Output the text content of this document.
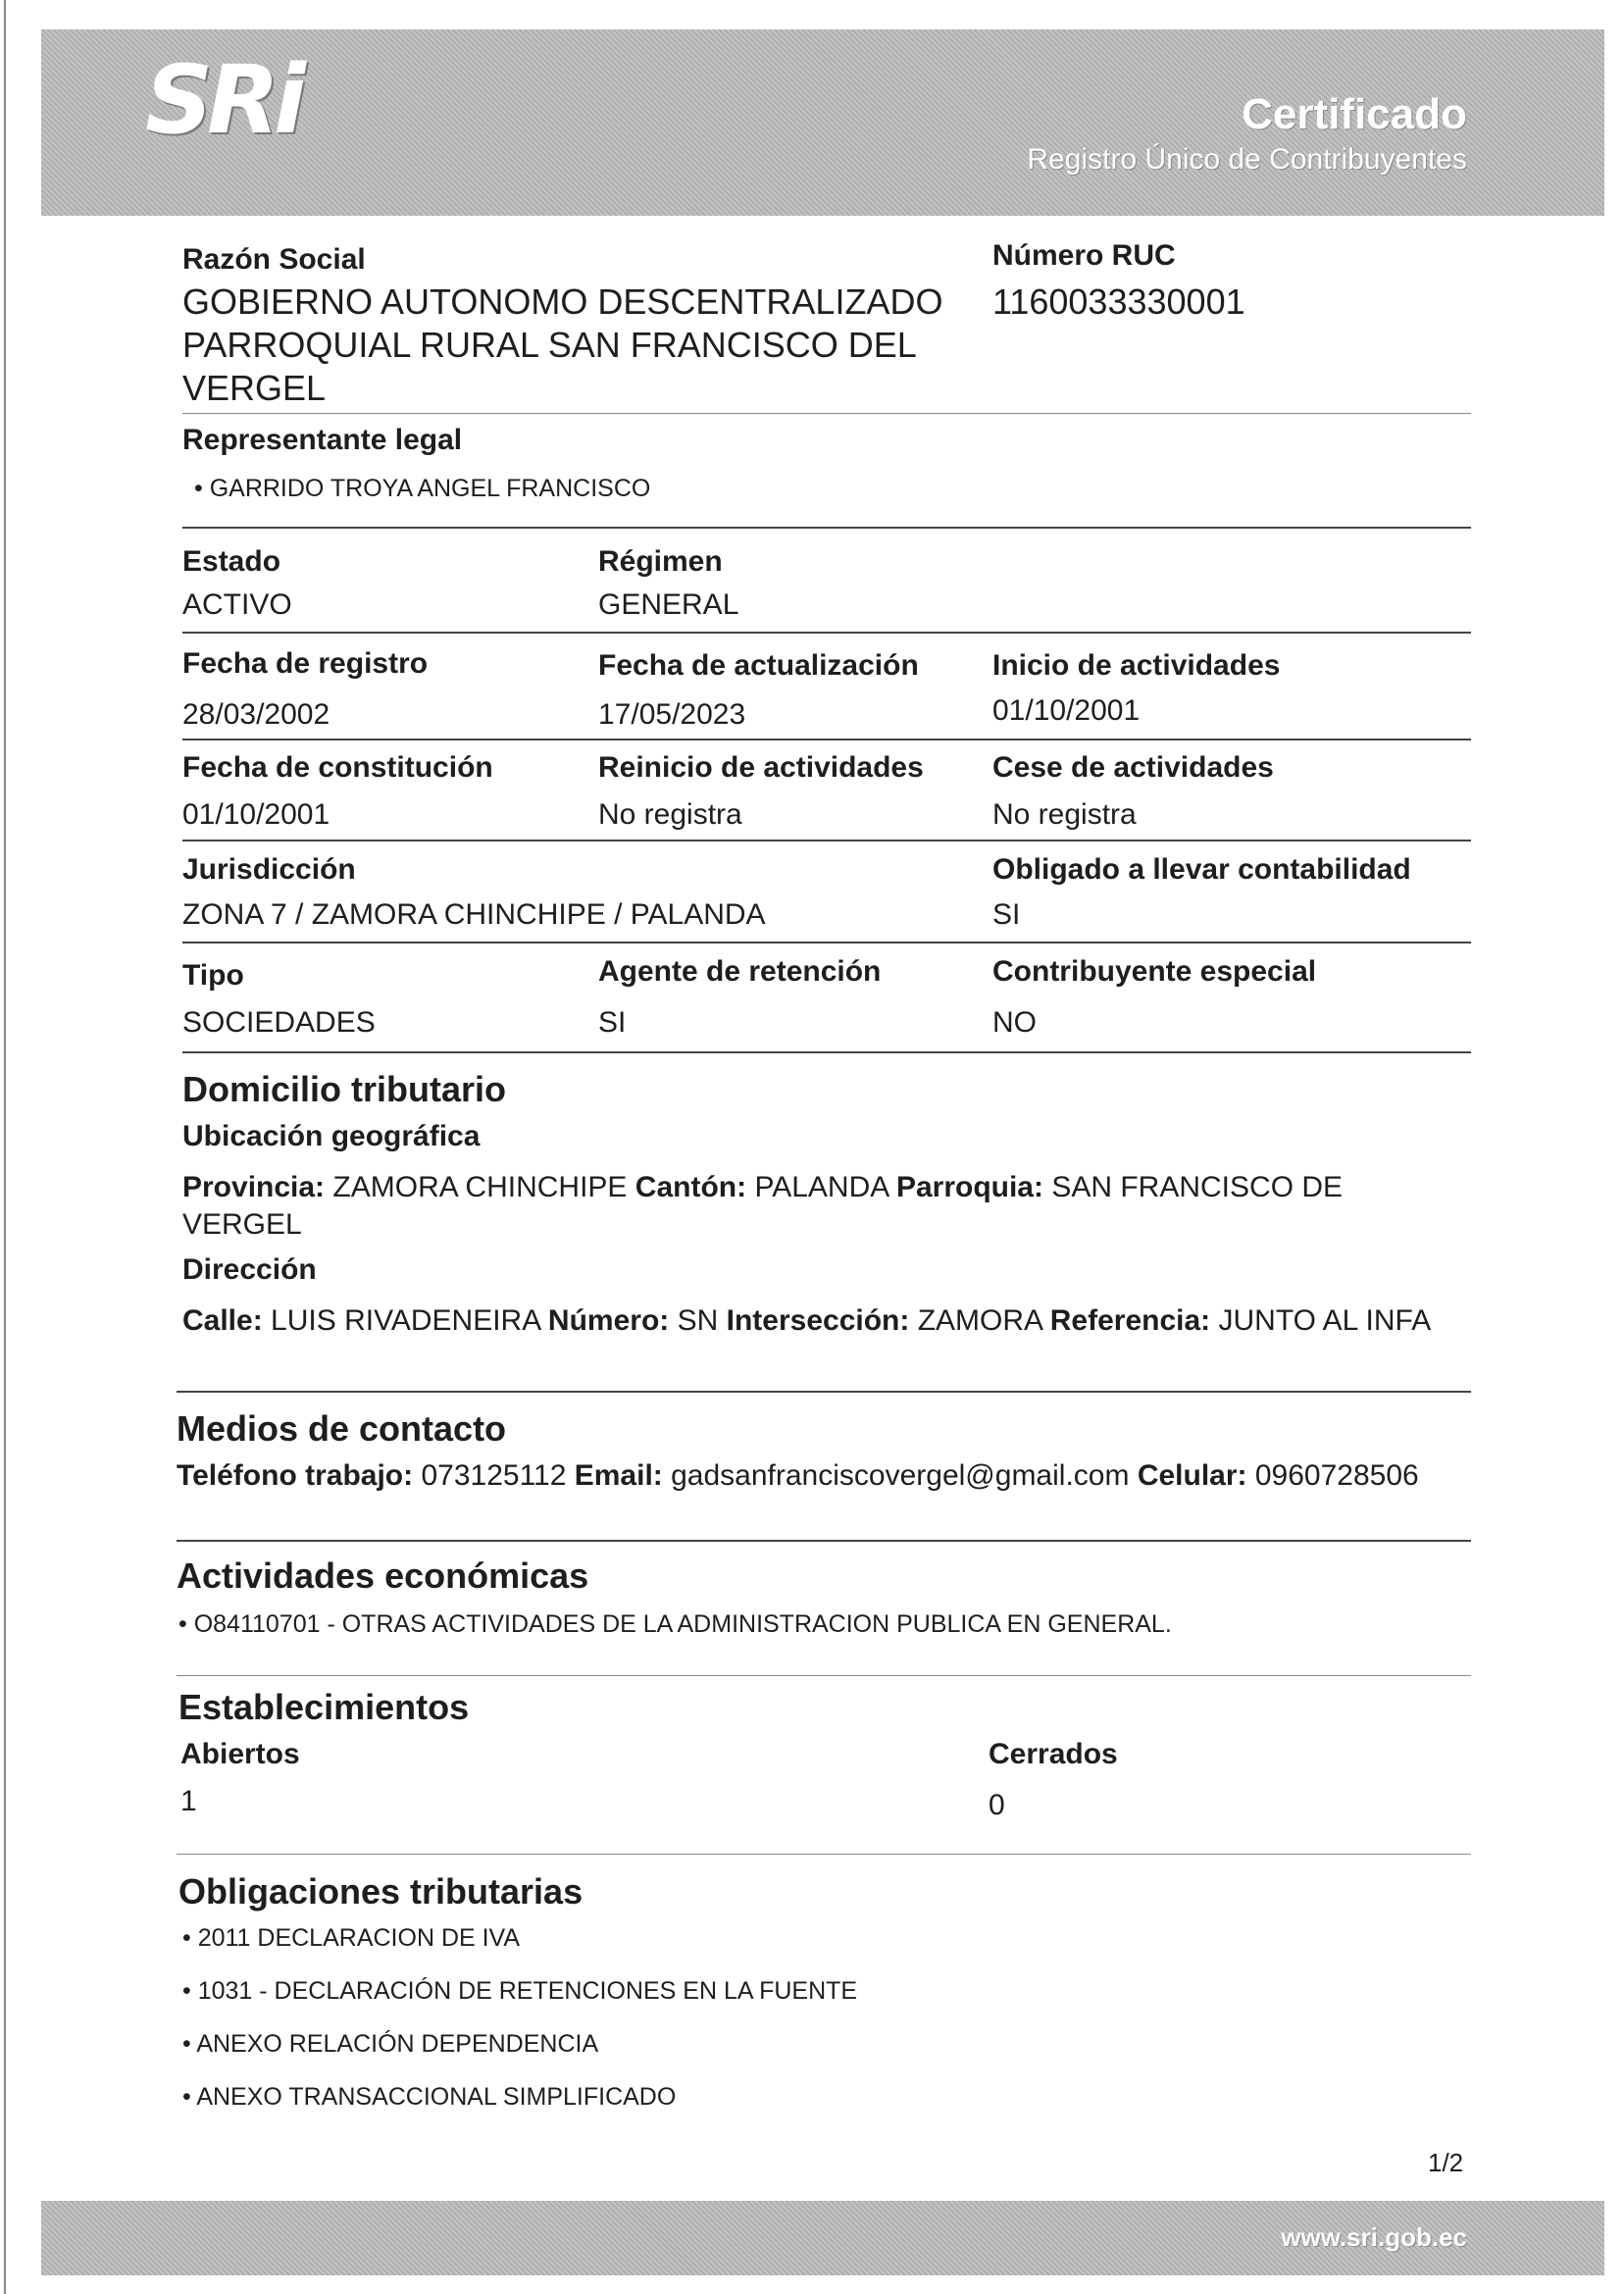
SRi	Certificado
Registro Único de Contribuyentes
Razón Social
GOBIERNO AUTONOMO DESCENTRALIZADO
PARROQUIAL RURAL SAN FRANCISCO DEL
VERGEL
Número RUC
1160033330001
Representante legal
• GARRIDO TROYA ANGEL FRANCISCO
Estado
ACTIVO
Régimen
GENERAL
Fecha de registro
28/03/2002
Fecha de actualización
17/05/2023
Inicio de actividades
01/10/2001
Fecha de constitución
01/10/2001
Reinicio de actividades
No registra
Cese de actividades
No registra
Jurisdicción
ZONA 7 / ZAMORA CHINCHIPE / PALANDA
Obligado a llevar contabilidad
SI
Tipo
SOCIEDADES
Agente de retención
SI
Contribuyente especial
NO
Domicilio tributario
Ubicación geográfica
Provincia: ZAMORA CHINCHIPE Cantón: PALANDA Parroquia: SAN FRANCISCO DE VERGEL
Dirección
Calle: LUIS RIVADENEIRA Número: SN Intersección: ZAMORA Referencia: JUNTO AL INFA
Medios de contacto
Teléfono trabajo: 073125112 Email: gadsanfranciscovergel@gmail.com Celular: 0960728506
Actividades económicas
• O84110701 - OTRAS ACTIVIDADES DE LA ADMINISTRACION PUBLICA EN GENERAL.
Establecimientos
Abiertos
1
Cerrados
0
Obligaciones tributarias
• 2011 DECLARACION DE IVA
• 1031 - DECLARACIÓN DE RETENCIONES EN LA FUENTE
• ANEXO RELACIÓN DEPENDENCIA
• ANEXO TRANSACCIONAL SIMPLIFICADO
1/2
www.sri.gob.ec
